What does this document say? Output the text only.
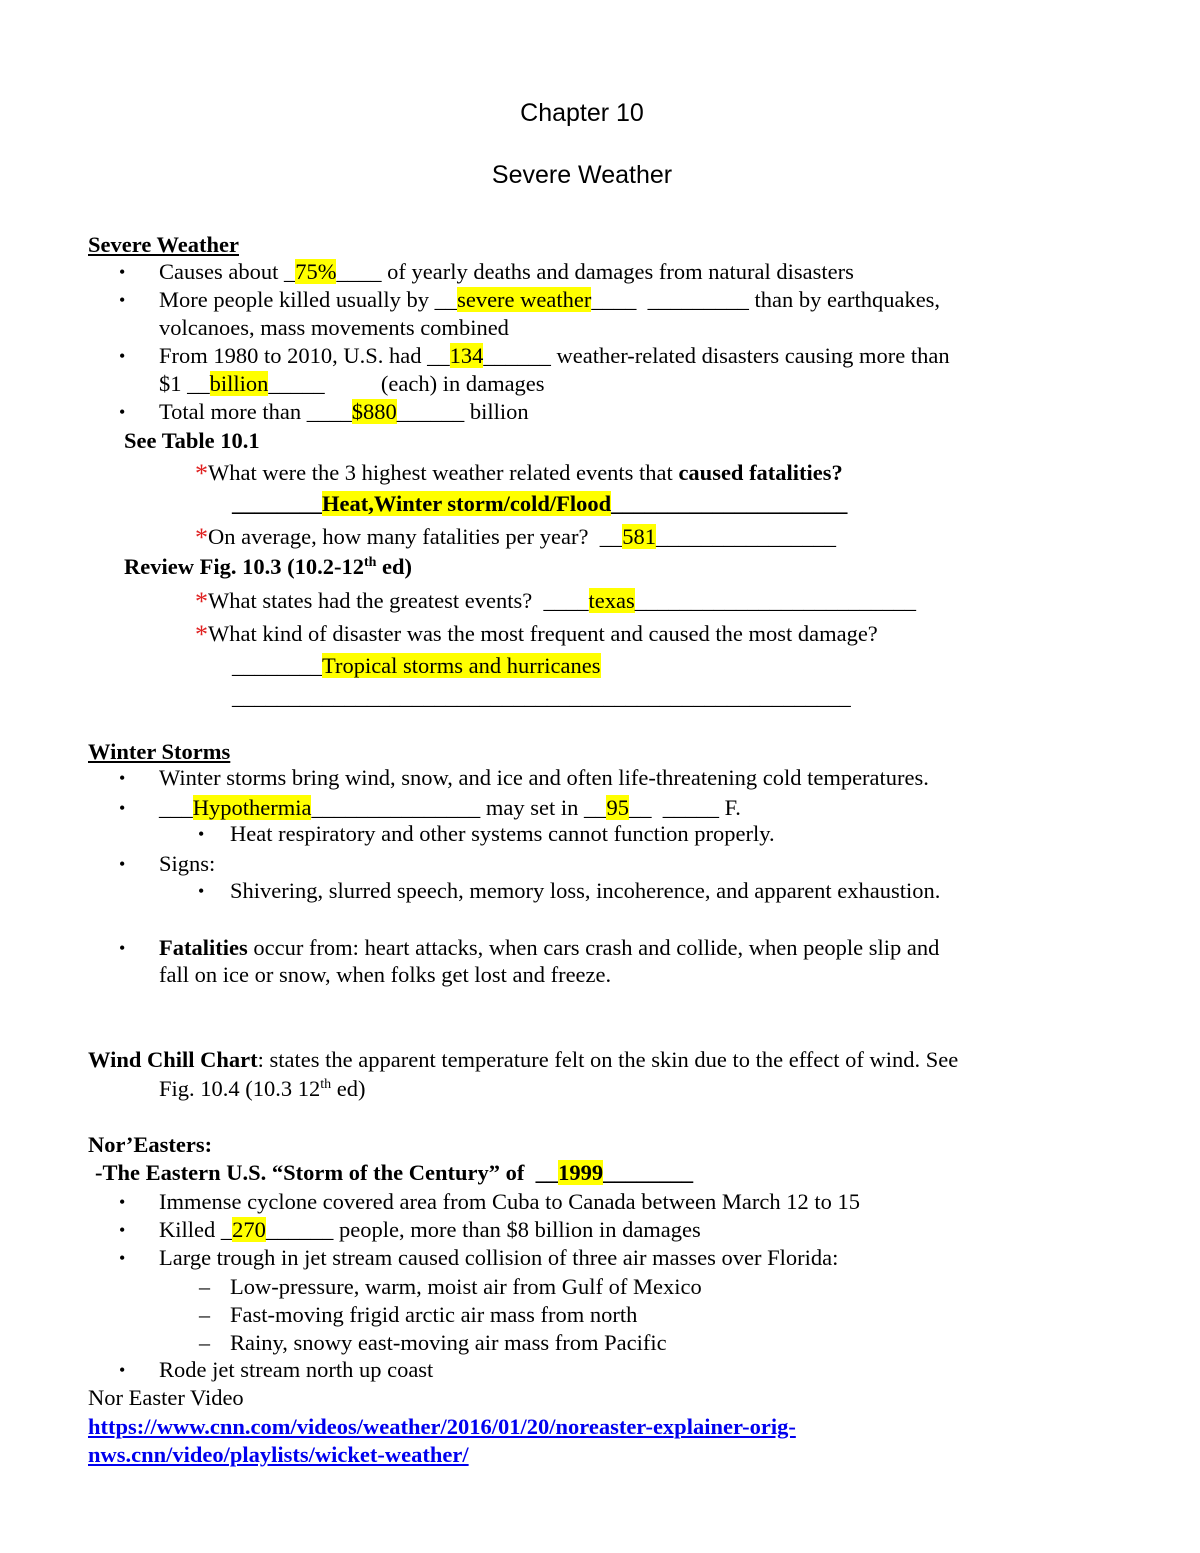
Chapter 10
Severe Weather
Severe Weather
• Causes about _75%____ of yearly deaths and damages from natural disasters
• More people killed usually by __severe weather____  _________ than by earthquakes,
volcanoes, mass movements combined
• From 1980 to 2010, U.S. had __134______ weather-related disasters causing more than
$1 __billion_____          (each) in damages
• Total more than ____$880______ billion
See Table 10.1
*What were the 3 highest weather related events that caused fatalities?
________Heat,Winter storm/cold/Flood_____________________
*On average, how many fatalities per year?  __581________________
Review Fig. 10.3 (10.2-12th ed)
*What states had the greatest events?  ____texas_________________________
*What kind of disaster was the most frequent and caused the most damage?
________Tropical storms and hurricanes
_______________________________________________________
Winter Storms
• Winter storms bring wind, snow, and ice and often life-threatening cold temperatures.
• ___Hypothermia_______________ may set in __95__  _____ F.
• Heat respiratory and other systems cannot function properly.
• Signs:
• Shivering, slurred speech, memory loss, incoherence, and apparent exhaustion.
• Fatalities occur from: heart attacks, when cars crash and collide, when people slip and
fall on ice or snow, when folks get lost and freeze.
Wind Chill Chart: states the apparent temperature felt on the skin due to the effect of wind. See
Fig. 10.4 (10.3 12th ed)
Nor’Easters:
-The Eastern U.S. “Storm of the Century” of  __1999________
• Immense cyclone covered area from Cuba to Canada between March 12 to 15
• Killed _270______ people, more than $8 billion in damages
• Large trough in jet stream caused collision of three air masses over Florida:
– Low-pressure, warm, moist air from Gulf of Mexico
– Fast-moving frigid arctic air mass from north
– Rainy, snowy east-moving air mass from Pacific
• Rode jet stream north up coast
Nor Easter Video
https://www.cnn.com/videos/weather/2016/01/20/noreaster-explainer-orig-
nws.cnn/video/playlists/wicket-weather/
